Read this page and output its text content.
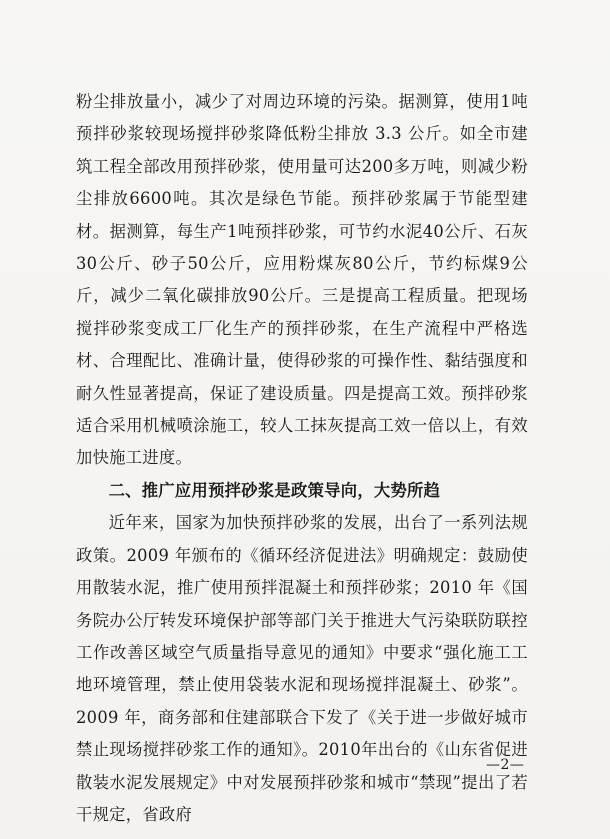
粉尘排放量小，减少了对周边环境的污染。据测算，使用1吨预拌砂浆较现场搅拌砂浆降低粉尘排放 3.3 公斤。如全市建筑工程全部改用预拌砂浆，使用量可达200多万吨，则减少粉尘排放6600吨。其次是绿色节能。预拌砂浆属于节能型建材。据测算，每生产1吨预拌砂浆，可节约水泥40公斤、石灰30公斤、砂子50公斤，应用粉煤灰80公斤，节约标煤9公斤，减少二氧化碳排放90公斤。三是提高工程质量。把现场搅拌砂浆变成工厂化生产的预拌砂浆，在生产流程中严格选材、合理配比、准确计量，使得砂浆的可操作性、黏结强度和耐久性显著提高，保证了建设质量。四是提高工效。预拌砂浆适合采用机械喷涂施工，较人工抹灰提高工效一倍以上，有效加快施工进度。

二、推广应用预拌砂浆是政策导向，大势所趋

近年来，国家为加快预拌砂浆的发展，出台了一系列法规政策。2009 年颁布的《循环经济促进法》明确规定：鼓励使用散装水泥，推广使用预拌混凝土和预拌砂浆；2010 年《国务院办公厅转发环境保护部等部门关于推进大气污染联防联控工作改善区域空气质量指导意见的通知》中要求“强化施工工地环境管理，禁止使用袋装水泥和现场搅拌混凝土、砂浆”。 2009 年，商务部和住建部联合下发了《关于进一步做好城市禁止现场搅拌砂浆工作的通知》。2010年出台的《山东省促进散装水泥发展规定》中对发展预拌砂浆和城市“禁现”提出了若干规定，省政府

—2—
